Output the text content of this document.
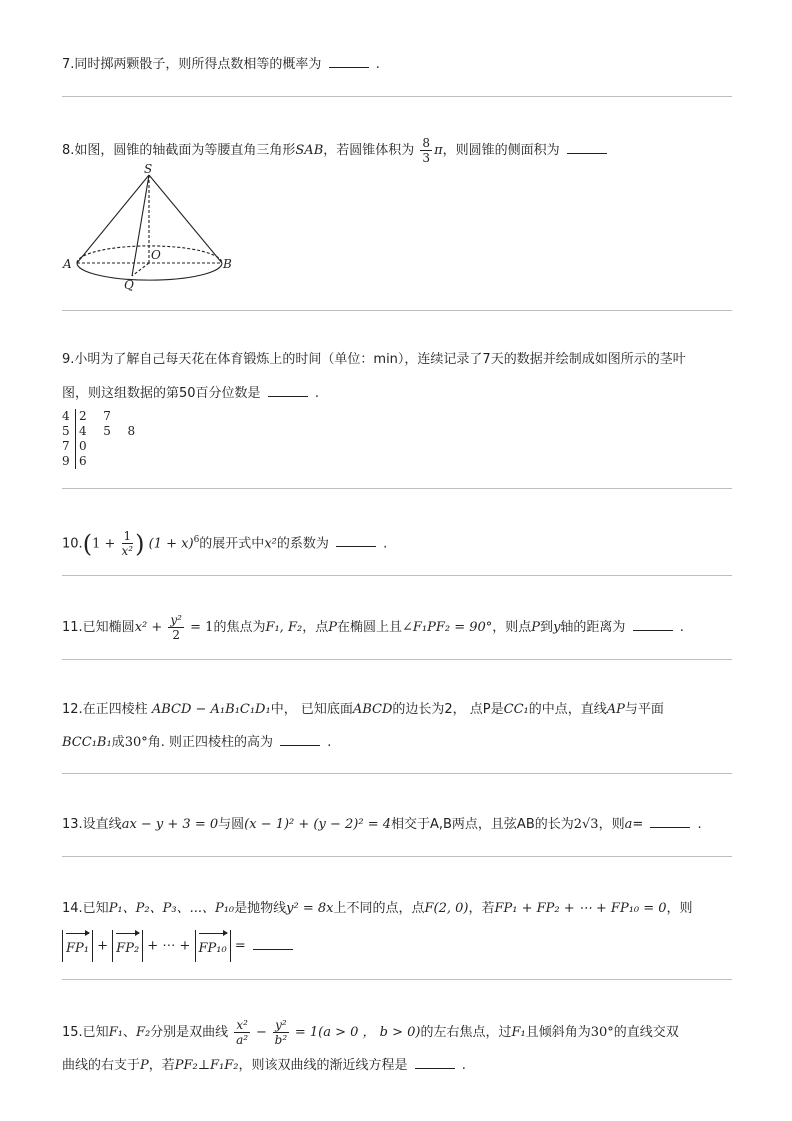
7.同时掷两颗骰子，则所得点数相等的概率为	.
8.如图，圆锥的轴截面为等腰直角三角形SAB，若圆锥体积为 $\frac{8}{3}$ π，则圆锥的侧面积为
S
O
A	B
Q
9.小明为了解自己每天花在体育锻炼上的时间（单位：min），连续记录了7天的数据并绘制成如图所示的茎叶
图，则这组数据的第50百分位数是	.
4 2  7
5 4  5  8
7 0
9 6
$10.(1 + \frac{1}{\text{x²}}$ ) $(1 + x)^6$的展开式中x²的系数为	.
11.已知椭圆$x^2 + \frac{\text{y²}}{2} = 1$的焦点为F₁, F₂，点P在椭圆上且∠F₁PF₂ = 90°，则点P到y轴的距离为	.
12.在正四棱柱 ABCD − A₁B₁C₁D₁中， 已知底面ABCD的边长为2， 点P是CC₁的中点，直线AP与平面
BCC₁B₁成30°角. 则正四棱柱的高为	.
13.设直线ax − y + 3 = 0与圆(x − 1)² + (y − 2)² = 4相交于A,B两点，且弦AB的长为2√3，则a=	.
14.已知P₁、P₂、P₃、...、P₁₀是抛物线y² = 8x上不同的点，点F(2, 0)，若FP₁ + FP₂ + ⋯ + FP₁₀ = 0，则
FP₁ + FP₂ + ⋯ + FP₁₀ =
15.已知F₁、F₂分别是双曲线 $\frac{\text{x²}}{\text{a²}} - \frac{\text{y²}}{\text{b²}} = 1(a > 0$ ， b > 0)的左右焦点，过F₁且倾斜角为30°的直线交双
曲线的右支于P，若PF₂⊥F₁F₂，则该双曲线的渐近线方程是	.
